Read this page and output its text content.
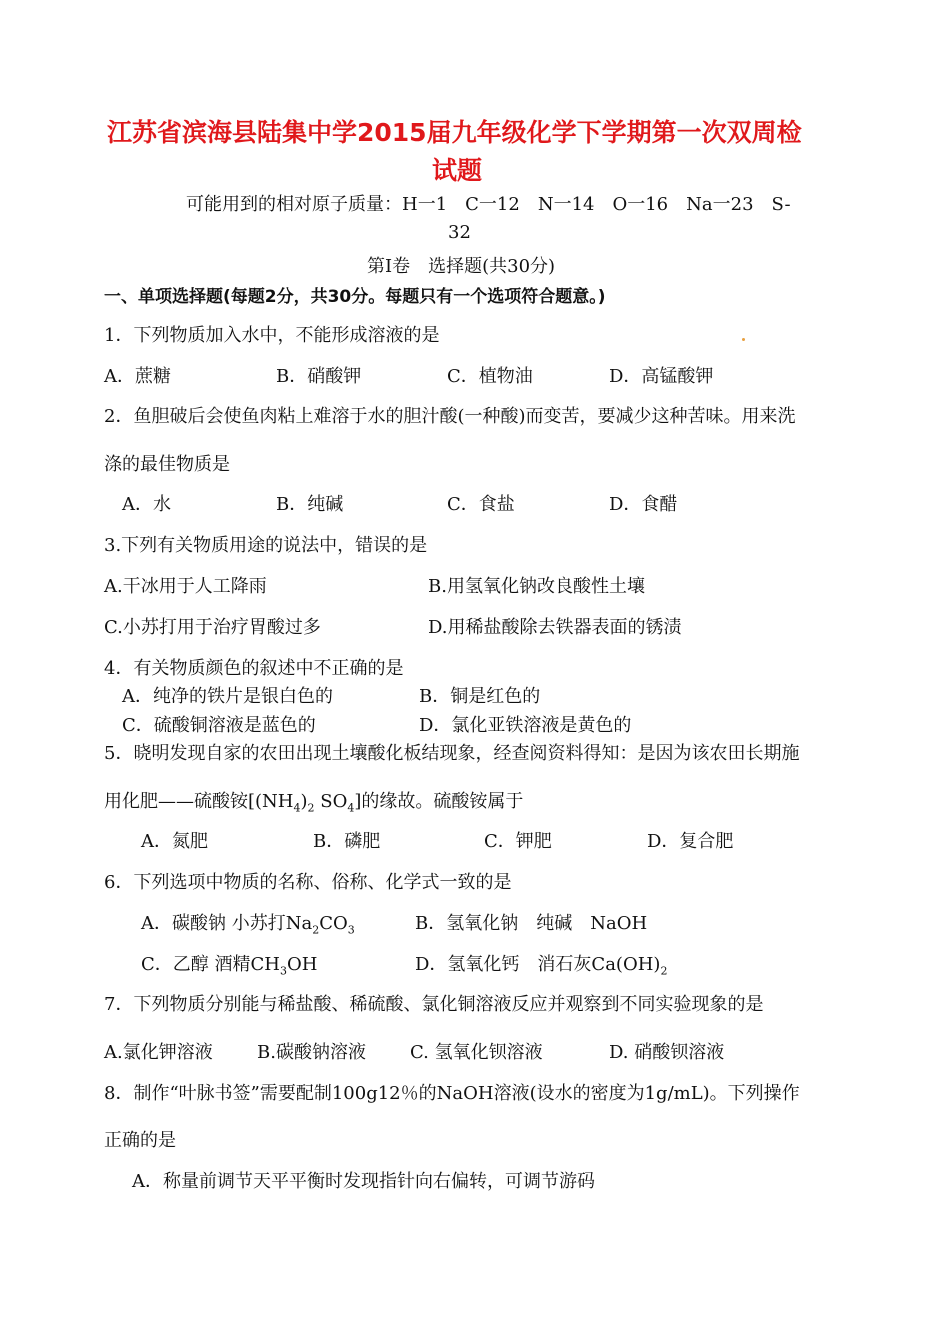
江苏省滨海县陆集中学2015届九年级化学下学期第一次双周检
试题
可能用到的相对原子质量：H一1　C一12　N一14　O一16　Na一23　S-
32
第Ⅰ卷　选择题(共30分)
一、单项选择题(每题2分，共30分。每题只有一个选项符合题意。)
1．下列物质加入水中，不能形成溶液的是
A．蔗糖	B．硝酸钾	C．植物油	D．高锰酸钾
2．鱼胆破后会使鱼肉粘上难溶于水的胆汁酸(一种酸)而变苦，要减少这种苦味。用来洗
涤的最佳物质是
A．水	B．纯碱	C．食盐	D．食醋
3.下列有关物质用途的说法中，错误的是
A.干冰用于人工降雨	B.用氢氧化钠改良酸性土壤
C.小苏打用于治疗胃酸过多	D.用稀盐酸除去铁器表面的锈渍
4．有关物质颜色的叙述中不正确的是
A．纯净的铁片是银白色的	B．铜是红色的
C．硫酸铜溶液是蓝色的	D．氯化亚铁溶液是黄色的
5．晓明发现自家的农田出现土壤酸化板结现象，经查阅资料得知：是因为该农田长期施
用化肥——硫酸铵[$(NH_4)_2$ $SO_4$]的缘故。硫酸铵属于
A．氮肥	B．磷肥	C．钾肥	D．复合肥
6．下列选项中物质的名称、俗称、化学式一致的是
A．碳酸钠 小苏打$Na_2CO_3$	B．氢氧化钠　纯碱　NaOH
C．乙醇 酒精$CH_3OH$	D．氢氧化钙　消石灰$Ca(OH)_2$
7．下列物质分别能与稀盐酸、稀硫酸、氯化铜溶液反应并观察到不同实验现象的是
A.氯化钾溶液 B.碳酸钠溶液 C. 氢氧化钡溶液	D. 硝酸钡溶液
8．制作“叶脉书签”需要配制100g12％的NaOH溶液(设水的密度为1g/mL)。下列操作
正确的是
A．称量前调节天平平衡时发现指针向右偏转，可调节游码
